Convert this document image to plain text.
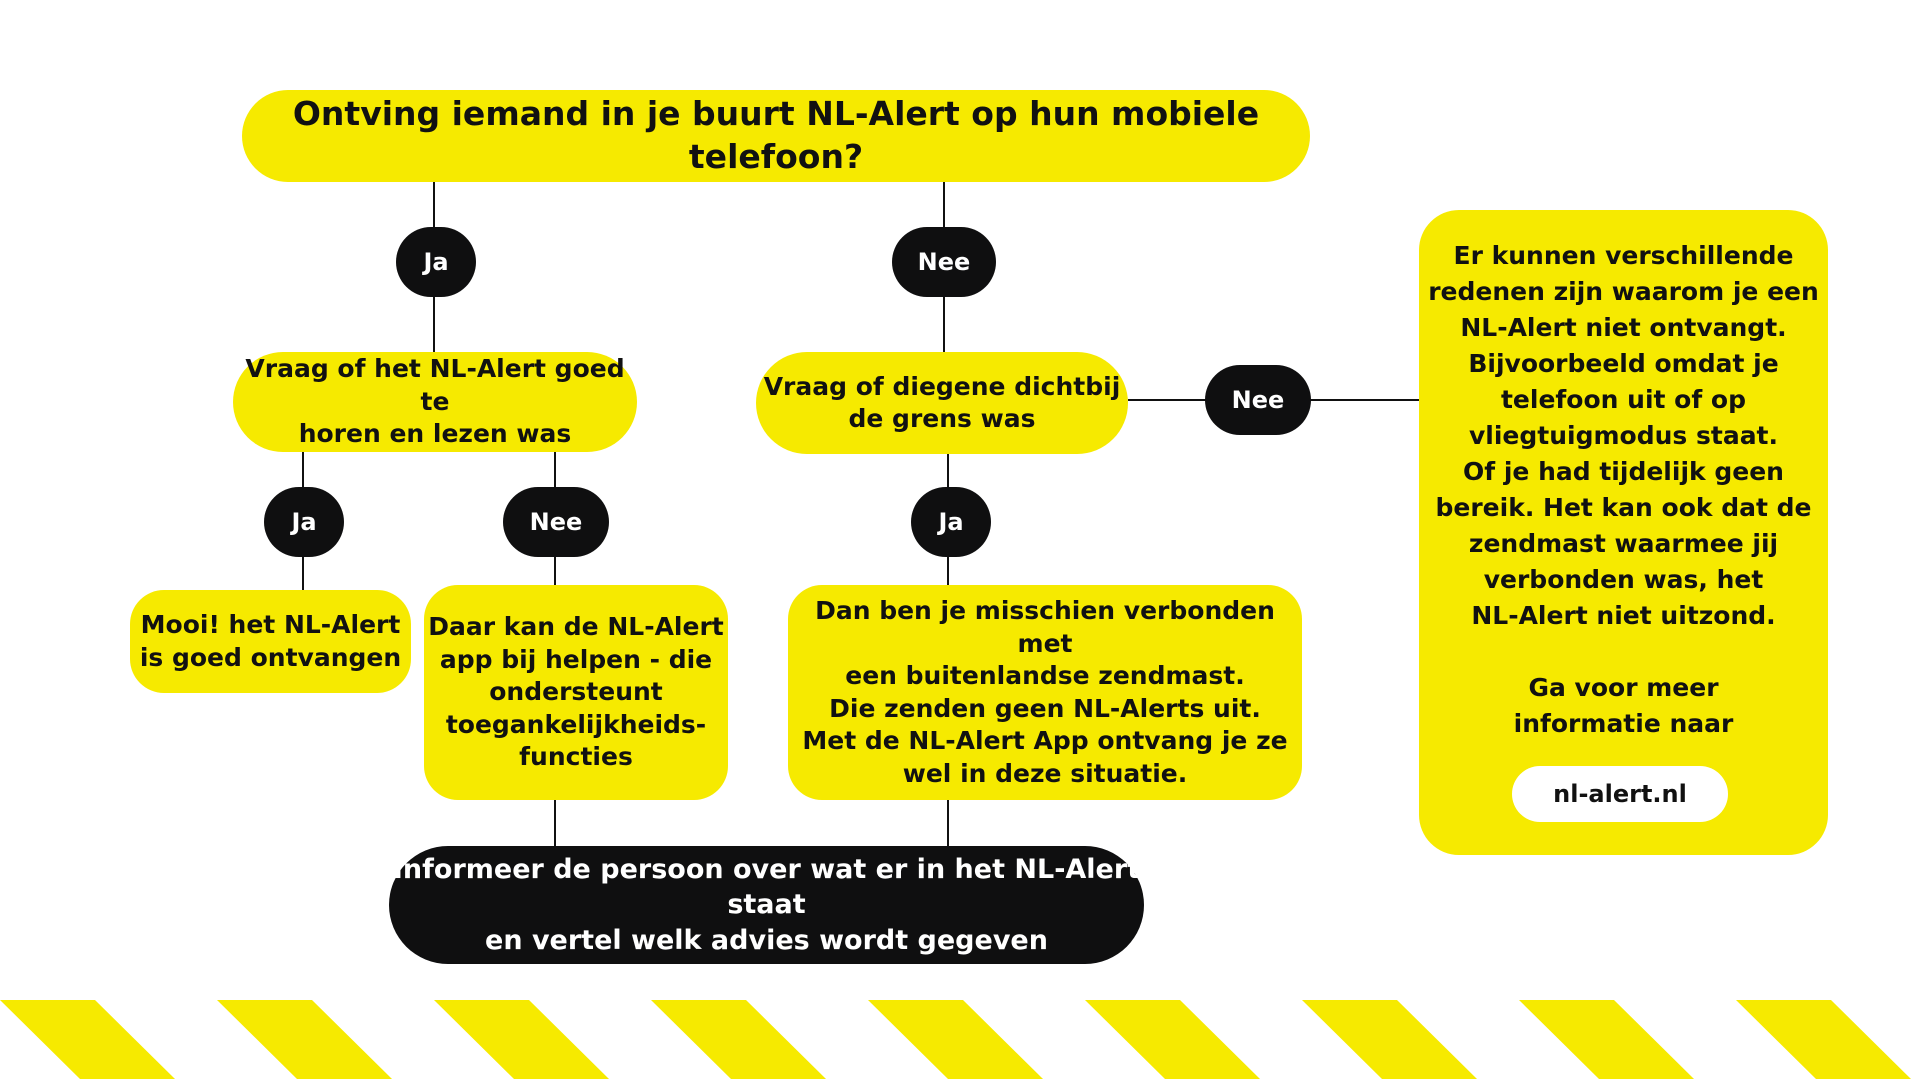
Ontving iemand in je buurt NL-Alert op hun mobiele telefoon?
Ja	Nee
Ja	Nee	Ja
Nee
Vraag of het NL-Alert goed te
horen en lezen was
Vraag of diegene dichtbij
de grens was
Mooi! het NL-Alert
is goed ontvangen
Daar kan de NL-Alert
app bij helpen - die
ondersteunt
toegankelijkheids-
functies
Dan ben je misschien verbonden met
een buitenlandse zendmast.
Die zenden geen NL-Alerts uit.
Met de NL-Alert App ontvang je ze
wel in deze situatie.
Informeer de persoon over wat er in het NL-Alert staat
en vertel welk advies wordt gegeven
Er kunnen verschillende
redenen zijn waarom je een
NL-Alert niet ontvangt.
Bijvoorbeeld omdat je
telefoon uit of op
vliegtuigmodus staat.
Of je had tijdelijk geen
bereik. Het kan ook dat de
zendmast waarmee jij
verbonden was, het
NL-Alert niet uitzond.
Ga voor meer
informatie naar
nl-alert.nl
